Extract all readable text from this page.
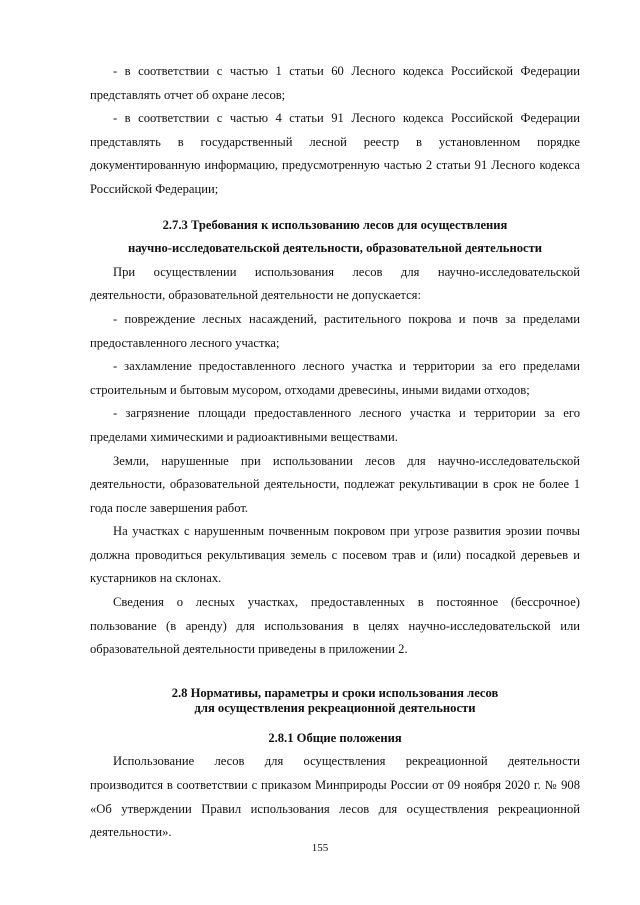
- в соответствии с частью 1 статьи 60 Лесного кодекса Российской Федерации представлять отчет об охране лесов;

- в соответствии с частью 4 статьи 91 Лесного кодекса Российской Федерации представлять в государственный лесной реестр в установленном порядке документированную информацию, предусмотренную частью 2 статьи 91 Лесного кодекса Российской Федерации;

2.7.3 Требования к использованию лесов для осуществления

научно-исследовательской деятельности, образовательной деятельности

При осуществлении использования лесов для научно-исследовательской деятельности, образовательной деятельности не допускается:

- повреждение лесных насаждений, растительного покрова и почв за пределами предоставленного лесного участка;

- захламление предоставленного лесного участка и территории за его пределами строительным и бытовым мусором, отходами древесины, иными видами отходов;

- загрязнение площади предоставленного лесного участка и территории за его пределами химическими и радиоактивными веществами.

Земли, нарушенные при использовании лесов для научно-исследовательской деятельности, образовательной деятельности, подлежат рекультивации в срок не более 1 года после завершения работ.

На участках с нарушенным почвенным покровом при угрозе развития эрозии почвы должна проводиться рекультивация земель с посевом трав и (или) посадкой деревьев и кустарников на склонах.

Сведения о лесных участках, предоставленных в постоянное (бессрочное) пользование (в аренду) для использования в целях научно-исследовательской или образовательной деятельности приведены в приложении 2.

2.8 Нормативы, параметры и сроки использования лесов

для осуществления рекреационной деятельности

2.8.1 Общие положения

Использование лесов для осуществления рекреационной деятельности

производится в соответствии с приказом Минприроды России от 09 ноября 2020 г. № 908 «Об утверждении Правил использования лесов для осуществления рекреационной деятельности».

155
